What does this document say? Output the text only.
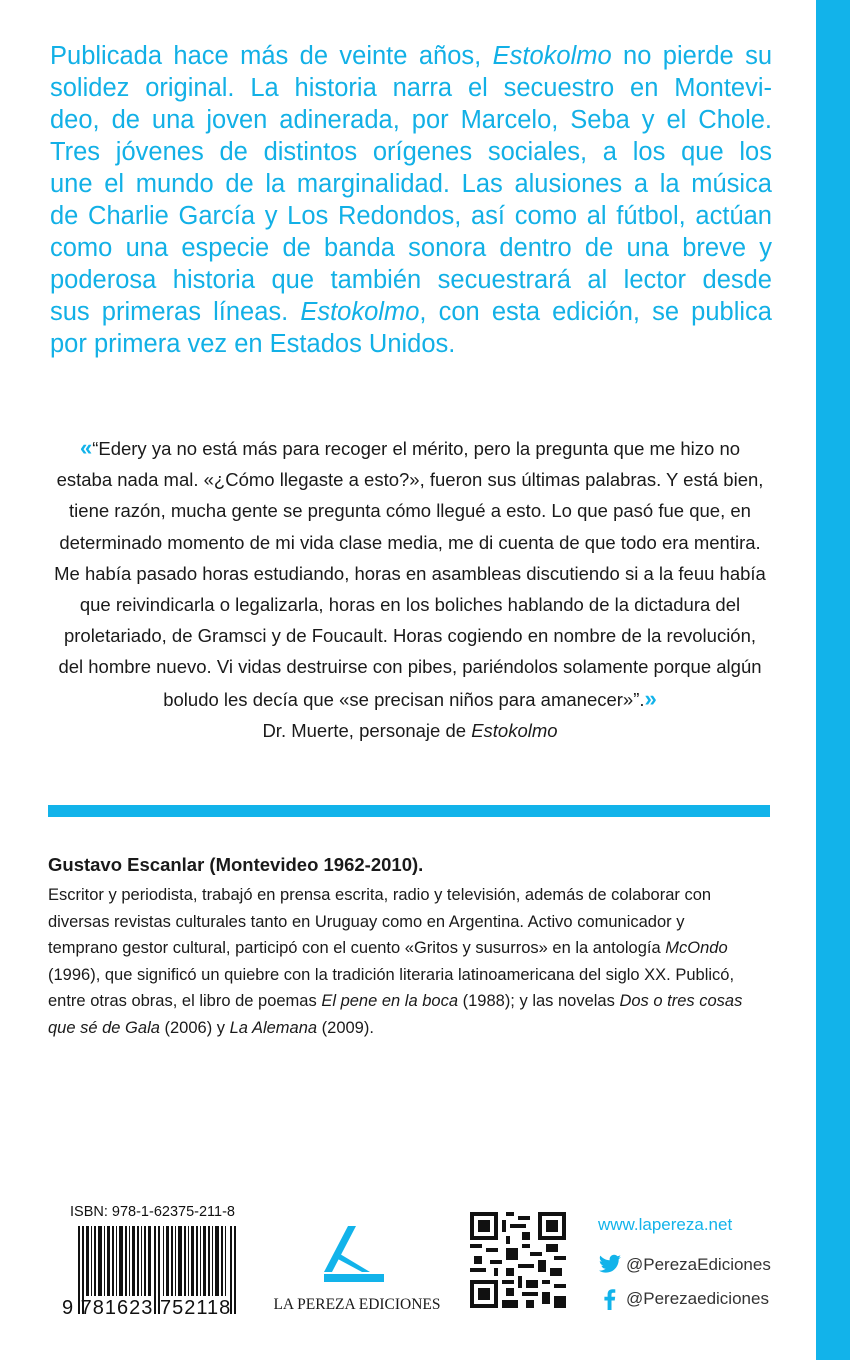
Publicada hace más de veinte años, Estokolmo no pierde su
solidez original. La historia narra el secuestro en Montevi-
deo, de una joven adinerada, por Marcelo, Seba y el Chole.
Tres jóvenes de distintos orígenes sociales, a los que los
une el mundo de la marginalidad. Las alusiones a la música
de Charlie García y Los Redondos, así como al fútbol, actúan
como una especie de banda sonora dentro de una breve y
poderosa historia que también secuestrará al lector desde
sus primeras líneas. Estokolmo, con esta edición, se publica
por primera vez en Estados Unidos.

«“Edery ya no está más para recoger el mérito, pero la pregunta que me hizo no
estaba nada mal. «¿Cómo llegaste a esto?», fueron sus últimas palabras. Y está bien,
tiene razón, mucha gente se pregunta cómo llegué a esto. Lo que pasó fue que, en
determinado momento de mi vida clase media, me di cuenta de que todo era mentira.
Me había pasado horas estudiando, horas en asambleas discutiendo si a la feuu había
que reivindicarla o legalizarla, horas en los boliches hablando de la dictadura del
proletariado, de Gramsci y de Foucault. Horas cogiendo en nombre de la revolución,
del hombre nuevo. Vi vidas destruirse con pibes, pariéndolos solamente porque algún
boludo les decía que «se precisan niños para amanecer»”.»
Dr. Muerte, personaje de Estokolmo

Gustavo Escanlar (Montevideo 1962-2010).

Escritor y periodista, trabajó en prensa escrita, radio y televisión, además de colaborar con
diversas revistas culturales tanto en Uruguay como en Argentina. Activo comunicador y
temprano gestor cultural, participó con el cuento «Gritos y susurros» en la antología McOndo
(1996), que significó un quiebre con la tradición literaria latinoamericana del siglo XX. Publicó,
entre otras obras, el libro de poemas El pene en la boca (1988); y las novelas Dos o tres cosas
que sé de Gala (2006) y La Alemana (2009).

ISBN: 978-1-62375-211-8
9 781623 752118	LA PEREZA EDICIONES
www.lapereza.net
@PerezaEdiciones
@Perezaediciones
